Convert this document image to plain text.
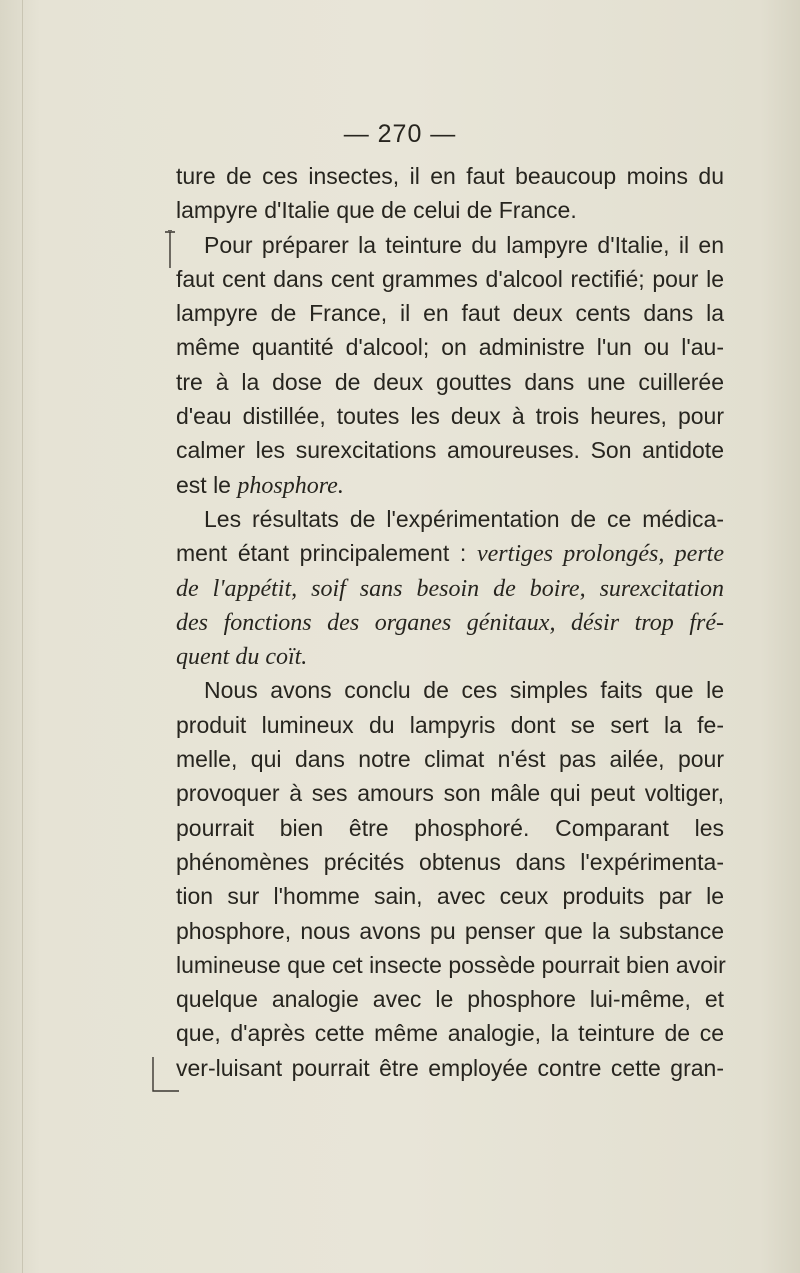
— 270 —
ture de ces insectes, il en faut beaucoup moins du
lampyre d'Italie que de celui de France.
Pour préparer la teinture du lampyre d'Italie, il en
faut cent dans cent grammes d'alcool rectifié; pour le
lampyre de France, il en faut deux cents dans la
même quantité d'alcool; on administre l'un ou l'au-
tre à la dose de deux gouttes dans une cuillerée
d'eau distillée, toutes les deux à trois heures, pour
calmer les surexcitations amoureuses. Son antidote
est le phosphore.
Les résultats de l'expérimentation de ce médica-
ment étant principalement : vertiges prolongés, perte
de l'appétit, soif sans besoin de boire, surexcitation
des fonctions des organes génitaux, désir trop fré-
quent du coït.
Nous avons conclu de ces simples faits que le
produit lumineux du lampyris dont se sert la fe-
melle, qui dans notre climat n'ést pas ailée, pour
provoquer à ses amours son mâle qui peut voltiger,
pourrait bien être phosphoré. Comparant les
phénomènes précités obtenus dans l'expérimenta-
tion sur l'homme sain, avec ceux produits par le
phosphore, nous avons pu penser que la substance
lumineuse que cet insecte possède pourrait bien avoir
quelque analogie avec le phosphore lui-même, et
que, d'après cette même analogie, la teinture de ce
ver-luisant pourrait être employée contre cette gran-
